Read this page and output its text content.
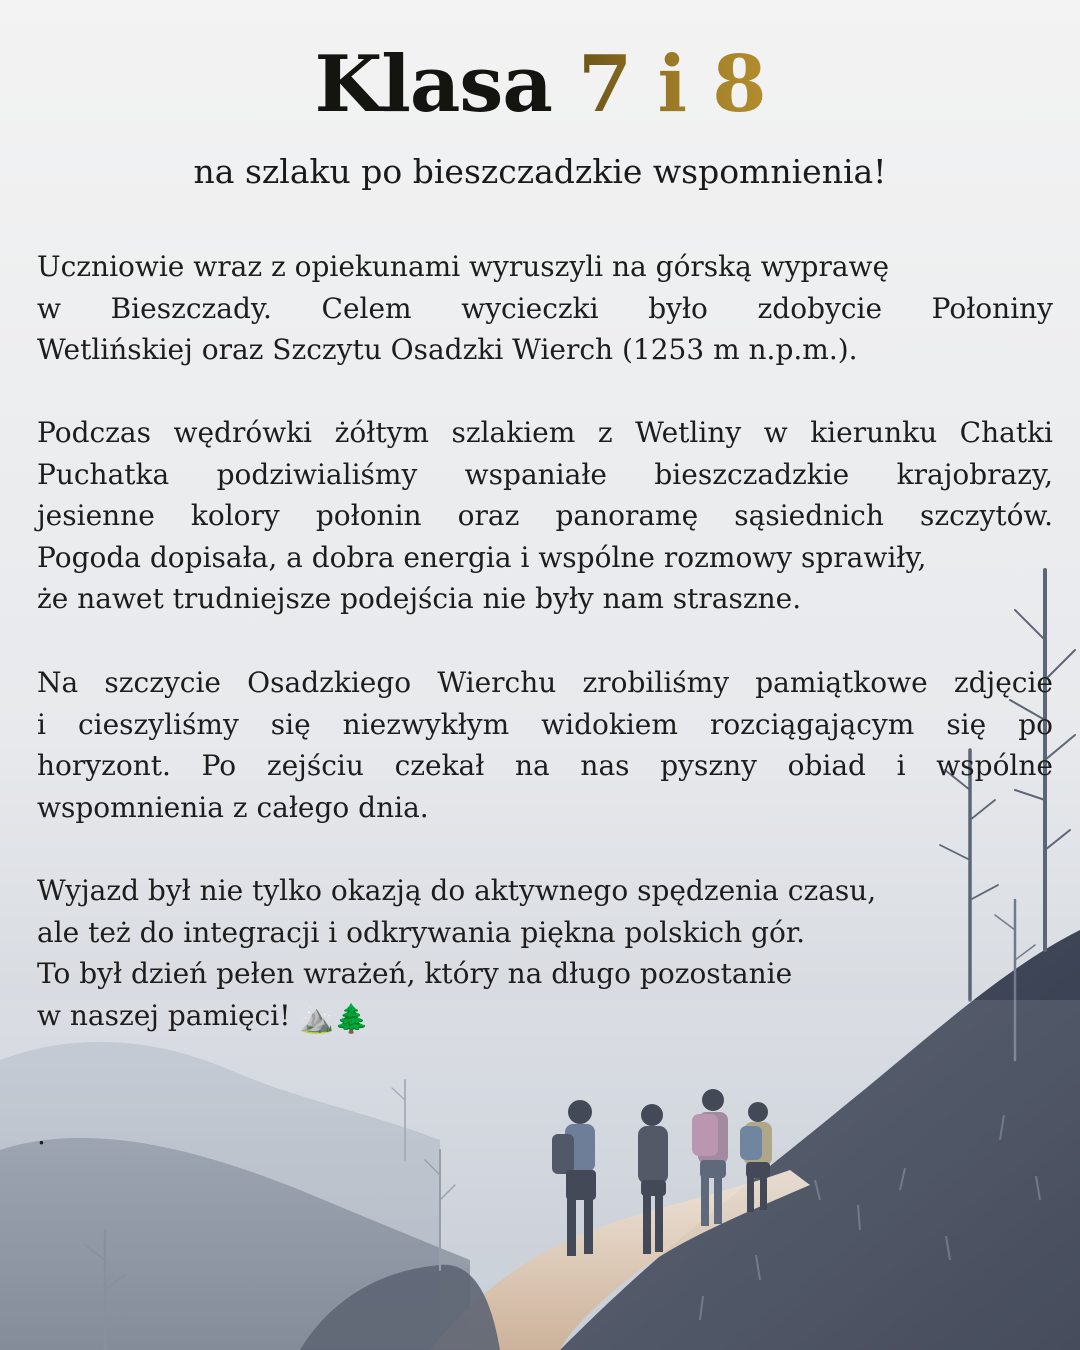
Klasa 7 i 8
na szlaku po bieszczadzkie wspomnienia!
Uczniowie wraz z opiekunami wyruszyli na górską wyprawę
w Bieszczady. Celem wycieczki było zdobycie Połoniny
Wetlińskiej oraz Szczytu Osadzki Wierch (1253 m n.p.m.).
Podczas wędrówki żółtym szlakiem z Wetliny w kierunku Chatki
Puchatka podziwialiśmy wspaniałe bieszczadzkie krajobrazy,
jesienne kolory połonin oraz panoramę sąsiednich szczytów.
Pogoda dopisała, a dobra energia i wspólne rozmowy sprawiły,
że nawet trudniejsze podejścia nie były nam straszne.
Na szczycie Osadzkiego Wierchu zrobiliśmy pamiątkowe zdjęcie
i cieszyliśmy się niezwykłym widokiem rozciągającym się po
horyzont. Po zejściu czekał na nas pyszny obiad i wspólne
wspomnienia z całego dnia.
Wyjazd był nie tylko okazją do aktywnego spędzenia czasu,
ale też do integracji i odkrywania piękna polskich gór.
To był dzień pełen wrażeń, który na długo pozostanie
w naszej pamięci! ⛰️🌲
.
